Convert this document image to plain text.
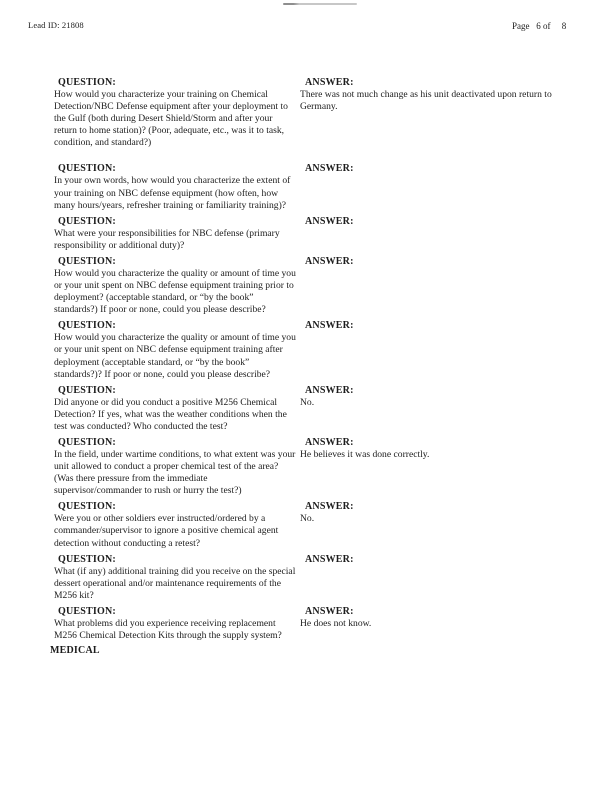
Lead ID: 21808	Page   6 of     8
QUESTION:
How would you characterize your training on Chemical Detection/NBC Defense equipment after your deployment to the Gulf (both during Desert Shield/Storm and after your return to home station)? (Poor, adequate, etc., was it to task, condition, and standard?)
ANSWER:
There was not much change as his unit deactivated upon return to Germany.
QUESTION:
In your own words, how would you characterize the extent of your training on NBC defense equipment (how often, how many hours/years, refresher training or familiarity training)?
ANSWER:
QUESTION:
What were your responsibilities for NBC defense (primary responsibility or additional duty)?
ANSWER:
QUESTION:
How would you characterize the quality or amount of time you or your unit spent on NBC defense equipment training prior to deployment? (acceptable standard, or “by the book” standards?) If poor or none, could you please describe?
ANSWER:
QUESTION:
How would you characterize the quality or amount of time you or your unit spent on NBC defense equipment training after deployment (acceptable standard, or “by the book” standards?)? If poor or none, could you please describe?
ANSWER:
QUESTION:
Did anyone or did you conduct a positive M256 Chemical Detection? If yes, what was the weather conditions when the test was conducted? Who conducted the test?
ANSWER:
No.
QUESTION:
In the field, under wartime conditions, to what extent was your unit allowed to conduct a proper chemical test of the area? (Was there pressure from the immediate supervisor/commander to rush or hurry the test?)
ANSWER:
He believes it was done correctly.
QUESTION:
Were you or other soldiers ever instructed/ordered by a commander/supervisor to ignore a positive chemical agent detection without conducting a retest?
ANSWER:
No.
QUESTION:
What (if any) additional training did you receive on the special dessert operational and/or maintenance requirements of the M256 kit?
ANSWER:
QUESTION:
What problems did you experience receiving replacement M256 Chemical Detection Kits through the supply system?
ANSWER:
He does not know.
MEDICAL
